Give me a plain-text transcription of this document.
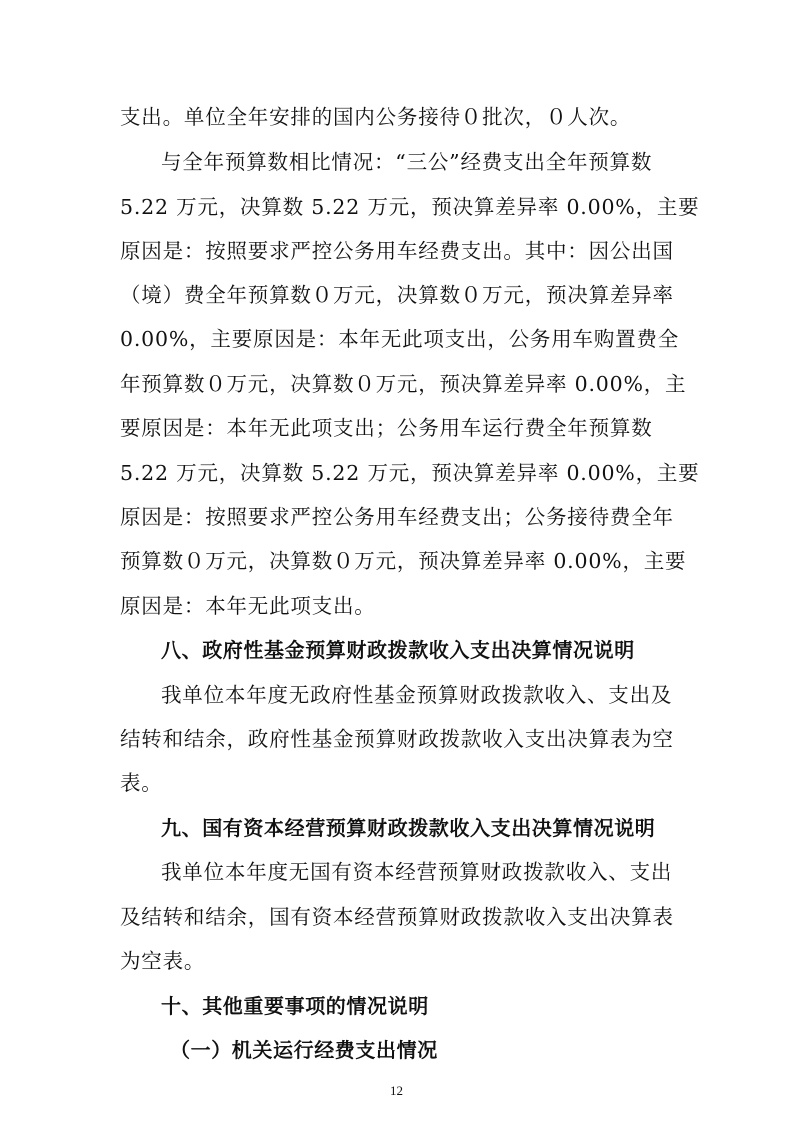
支出。单位全年安排的国内公务接待０批次，０人次。
与全年预算数相比情况：“三公”经费支出全年预算数
5.22 万元，决算数 5.22 万元，预决算差异率 0.00%，主要
原因是：按照要求严控公务用车经费支出。其中：因公出国
（境）费全年预算数０万元，决算数０万元，预决算差异率
0.00%，主要原因是：本年无此项支出，公务用车购置费全
年预算数０万元，决算数０万元，预决算差异率 0.00%，主
要原因是：本年无此项支出；公务用车运行费全年预算数
5.22 万元，决算数 5.22 万元，预决算差异率 0.00%，主要
原因是：按照要求严控公务用车经费支出；公务接待费全年
预算数０万元，决算数０万元，预决算差异率 0.00%，主要
原因是：本年无此项支出。
八、政府性基金预算财政拨款收入支出决算情况说明
我单位本年度无政府性基金预算财政拨款收入、支出及
结转和结余，政府性基金预算财政拨款收入支出决算表为空
表。
九、国有资本经营预算财政拨款收入支出决算情况说明
我单位本年度无国有资本经营预算财政拨款收入、支出
及结转和结余，国有资本经营预算财政拨款收入支出决算表
为空表。
十、其他重要事项的情况说明
（一）机关运行经费支出情况
12
